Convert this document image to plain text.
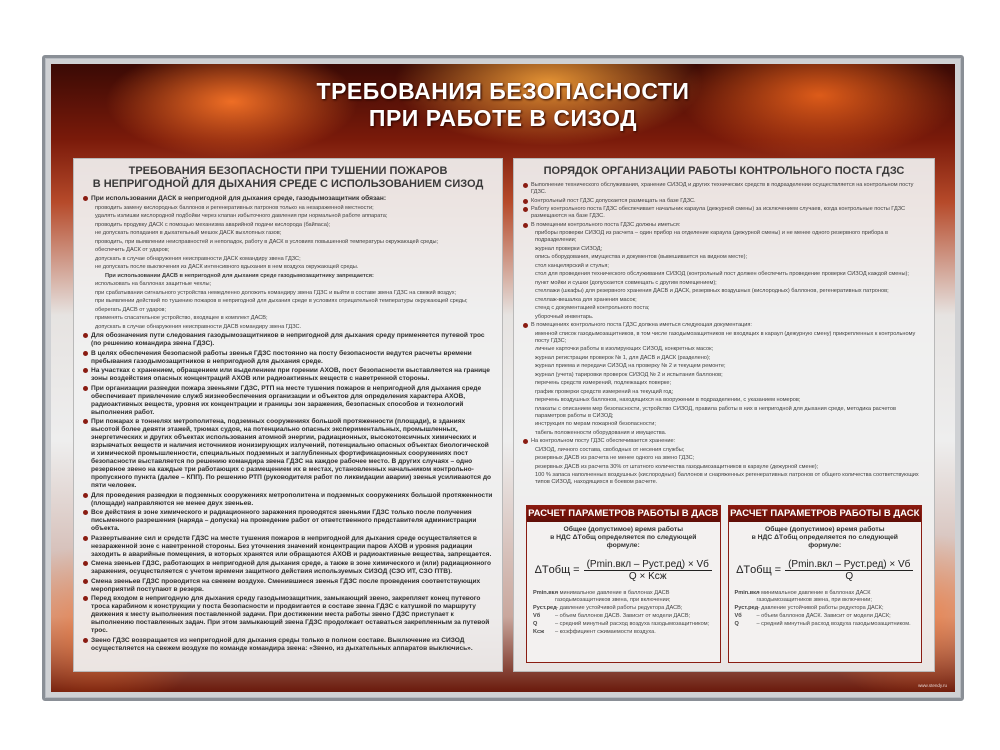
ТРЕБОВАНИЯ БЕЗОПАСНОСТИ
ПРИ РАБОТЕ В СИЗОД
ТРЕБОВАНИЯ БЕЗОПАСНОСТИ ПРИ ТУШЕНИИ ПОЖАРОВ
В НЕПРИГОДНОЙ ДЛЯ ДЫХАНИЯ СРЕДЕ С ИСПОЛЬЗОВАНИЕМ СИЗОД
При использовании ДАСК в непригодной для дыхания среде, газодымозащитник обязан:
проводить замену кислородных баллонов и регенеративных патронов только на незараженной местности;
удалять излишки кислородной подбойки через клапан избыточного давления при нормальной работе аппарата;
проводить продувку ДАСК с помощью механизма аварийной подачи кислорода (байпаса);
не допускать попадания в дыхательный мешок ДАСК выхлопных газов;
проводить, при выявлении неисправностей и неполадок, работу в ДАСК в условиях повышенной температуры окружающей среды;
обеспечить ДАСК от ударов;
допускать в случае обнаружения неисправности ДАСК командиру звена ГДЗС;
не допускать после выключения из ДАСК интенсивного вдыхания в нем воздуха окружающей среды.
При использовании ДАСВ в непригодной для дыхания среде газодымозащитнику запрещается:
использовать на баллонах защитные чехлы;
при срабатывании сигнального устройства немедленно доложить командиру звена ГДЗС и выйти в составе звена ГДЗС на свежий воздух;
при выявлении действий по тушению пожаров в непригодной для дыхания среде в условиях отрицательной температуры окружающей среды;
оберегать ДАСВ от ударов;
применять спасательное устройство, входящее в комплект ДАСВ;
допускать в случае обнаружения неисправности ДАСВ командиру звена ГДЗС.
Для обозначения пути следования газодымозащитников в непригодной для дыхания среду применяется путевой трос (по решению командира звена ГДЗС).
В целях обеспечения безопасной работы звенья ГДЗС постоянно на посту безопасности ведутся расчеты времени пребывания газодымозащитников в непригодной для дыхания среде.
На участках с хранением, обращением или выделением при горении АХОВ, пост безопасности выставляется на границе зоны воздействия опасных концентраций АХОВ или радиоактивных веществ с наветренной стороны.
При организации разведки пожара звеньями ГДЗС, РТП на месте тушения пожаров в непригодной для дыхания среде обеспечивает привлечение служб жизнеобеспечения организации и объектов для определения характера АХОВ, радиоактивных веществ, уровня их концентрации и границы зон заражения, безопасных способов и технологий выполнения работ.
При пожарах в тоннелях метрополитена, подземных сооружениях большой протяженности (площади), в зданиях высотой более девяти этажей, трюмах судов, на потенциально опасных экспериментальных, промышленных, энергетических и других объектах использования атомной энергии, радиационных, высокотоксичных химических и взрывчатых веществ и наличия источников ионизирующих излучений, потенциально опасных объектах биологической и химической промышленности, специальных подземных и заглубленных фортификационных сооружениях пост безопасности выставляется по решению командира звена ГДЗС на каждое рабочее место. В других случаях – одно резервное звено на каждые три работающих с размещением их в местах, установленных начальником контрольно-пропускного пункта (далее – КПП). По решению РТП (руководителя работ по ликвидации аварии) звенья усиливаются до пяти человек.
Для проведения разведки в подземных сооружениях метрополитена и подземных сооружениях большой протяженности (площади) направляются не менее двух звеньев.
Все действия в зоне химического и радиационного заражения проводятся звеньями ГДЗС только после получения письменного разрешения (наряда – допуска) на проведение работ от ответственного представителя администрации объекта.
Развертывание сил и средств ГДЗС на месте тушения пожаров в непригодной для дыхания среде осуществляется в незараженной зоне с наветренной стороны. Без уточнения значений концентрации паров АХОВ и уровня радиации заходить в аварийные помещения, в которых хранятся или обращаются АХОВ и радиоактивные вещества, запрещается.
Смена звеньев ГДЗС, работающих в непригодной для дыхания среде, а также в зоне химического и (или) радиационного заражения, осуществляется с учетом времени защитного действия используемых СИЗОД (СЗО ИТ, СЗО ПТВ).
Смена звеньев ГДЗС проводится на свежем воздухе. Сменившиеся звенья ГДЗС после проведения соответствующих мероприятий поступают в резерв.
Перед входом в непригодную для дыхания среду газодымозащитник, замыкающий звено, закрепляет конец путевого троса карабином к конструкции у поста безопасности и продвигается в составе звена ГДЗС с катушкой по маршруту движения к месту выполнения поставленной задачи. При достижении места работы звено ГДЗС приступает к выполнению поставленных задач. При этом замыкающий звена ГДЗС продолжает оставаться закрепленным за путевой трос.
Звено ГДЗС возвращается из непригодной для дыхания среды только в полном составе. Выключение из СИЗОД осуществляется на свежем воздухе по команде командира звена: «Звено, из дыхательных аппаратов выключись».
ПОРЯДОК ОРГАНИЗАЦИИ РАБОТЫ КОНТРОЛЬНОГО ПОСТА ГДЗС
Выполнение технического обслуживания, хранение СИЗОД и других технических средств в подразделении осуществляется на контрольном посту ГДЗС.
Контрольный пост ГДЗС допускается размещать на базе ГДЗС.
Работу контрольного поста ГДЗС обеспечивает начальник караула (дежурной смены) за исключением случаев, когда контрольные посты ГДЗС размещаются на базе ГДЗС.
В помещении контрольного поста ГДЗС должны иметься:
приборы проверки СИЗОД из расчета – один прибор на отделение караула (дежурной смены) и не менее одного резервного прибора в подразделении;
журнал проверки СИЗОД;
опись оборудования, имущества и документов (вывешивается на видном месте);
стол канцелярский и стулья;
стол для проведения технического обслуживания СИЗОД (контрольный пост должен обеспечить проведение проверки СИЗОД каждой смены);
пункт мойки и сушки (допускается совмещать с другим помещением);
стеллажи (шкафы) для резервного хранения ДАСВ и ДАСК, резервных воздушных (кислородных) баллонов, регенеративных патронов;
стеллаж-вешалка для хранения масок;
стенд с документацией контрольного поста;
уборочный инвентарь.
В помещениях контрольного поста ГДЗС должна иметься следующая документация:
именной список газодымозащитников, в том числе газодымозащитников не входящих в караул (дежурную смену) прикрепленных к контрольному посту ГДЗС;
личные карточки работы в изолирующих СИЗОД, конкретных масок;
журнал регистрации проверок № 1, для ДАСВ и ДАСК (разделено);
журнал приема и передачи СИЗОД на проверку № 2 и текущем ремонте;
журнал (учета) тарировки проверок СИЗОД № 2 и испытания баллонов;
перечень средств измерений, подлежащих поверке;
график проверки средств измерений на текущий год;
перечень воздушных баллонов, находящихся на вооружении в подразделении, с указанием номеров;
плакаты с описанием мер безопасности, устройство СИЗОД, правила работы в них в непригодной для дыхания среде, методика расчетов параметров работы в СИЗОД;
инструкция по мерам пожарной безопасности;
табель положенности оборудования и имущества.
На контрольном посту ГДЗС обеспечивается хранение:
СИЗОД, личного состава, свободных от несения службы;
резервных ДАСВ из расчета не менее одного на звено ГДЗС;
резервных ДАСВ из расчета 30% от штатного количества газодымозащитников в карауле (дежурной смене);
100 % запаса наполненных воздушных (кислородных) баллонов и снаряженных регенеративных патронов от общего количества соответствующих типов СИЗОД, находящихся в боевом расчете.
РАСЧЕТ ПАРАМЕТРОВ РАБОТЫ В ДАСВ
Общее (допустимое) время работы
в НДС ΔTобщ определяется по следующей формуле:
ΔTобщ = $\frac{\text{(Pmin.вкл – Pуст.ред) × Vб}}{\text{Q × Kсж}}$
Pmin.вкл
– минимальное давление в баллонах ДАСВ газодымозащитников звена, при включении;
Pуст.ред
– давление устойчивой работы редуктора ДАСВ;
Vб	– объем баллонов ДАСВ. Зависит от модели ДАСВ;
Q	– средний минутный расход воздуха газодымозащитником;
Kсж	– коэффициент сжимаемости воздуха.
РАСЧЕТ ПАРАМЕТРОВ РАБОТЫ В ДАСК
Общее (допустимое) время работы
в НДС ΔTобщ определяется по следующей формуле:
ΔTобщ = $\frac{\text{(Pmin.вкл – Pуст.ред) × Vб}}{Q}$
Pmin.вкл
– минимальное давление в баллонах ДАСК газодымозащитников звена, при включении;
Pуст.ред
– давление устойчивой работы редуктора ДАСК;
Vб	– объем баллонов ДАСК. Зависит от модели ДАСК;
Q	– средний минутный расход воздуха газодымозащитником.
www.stendy.ru
